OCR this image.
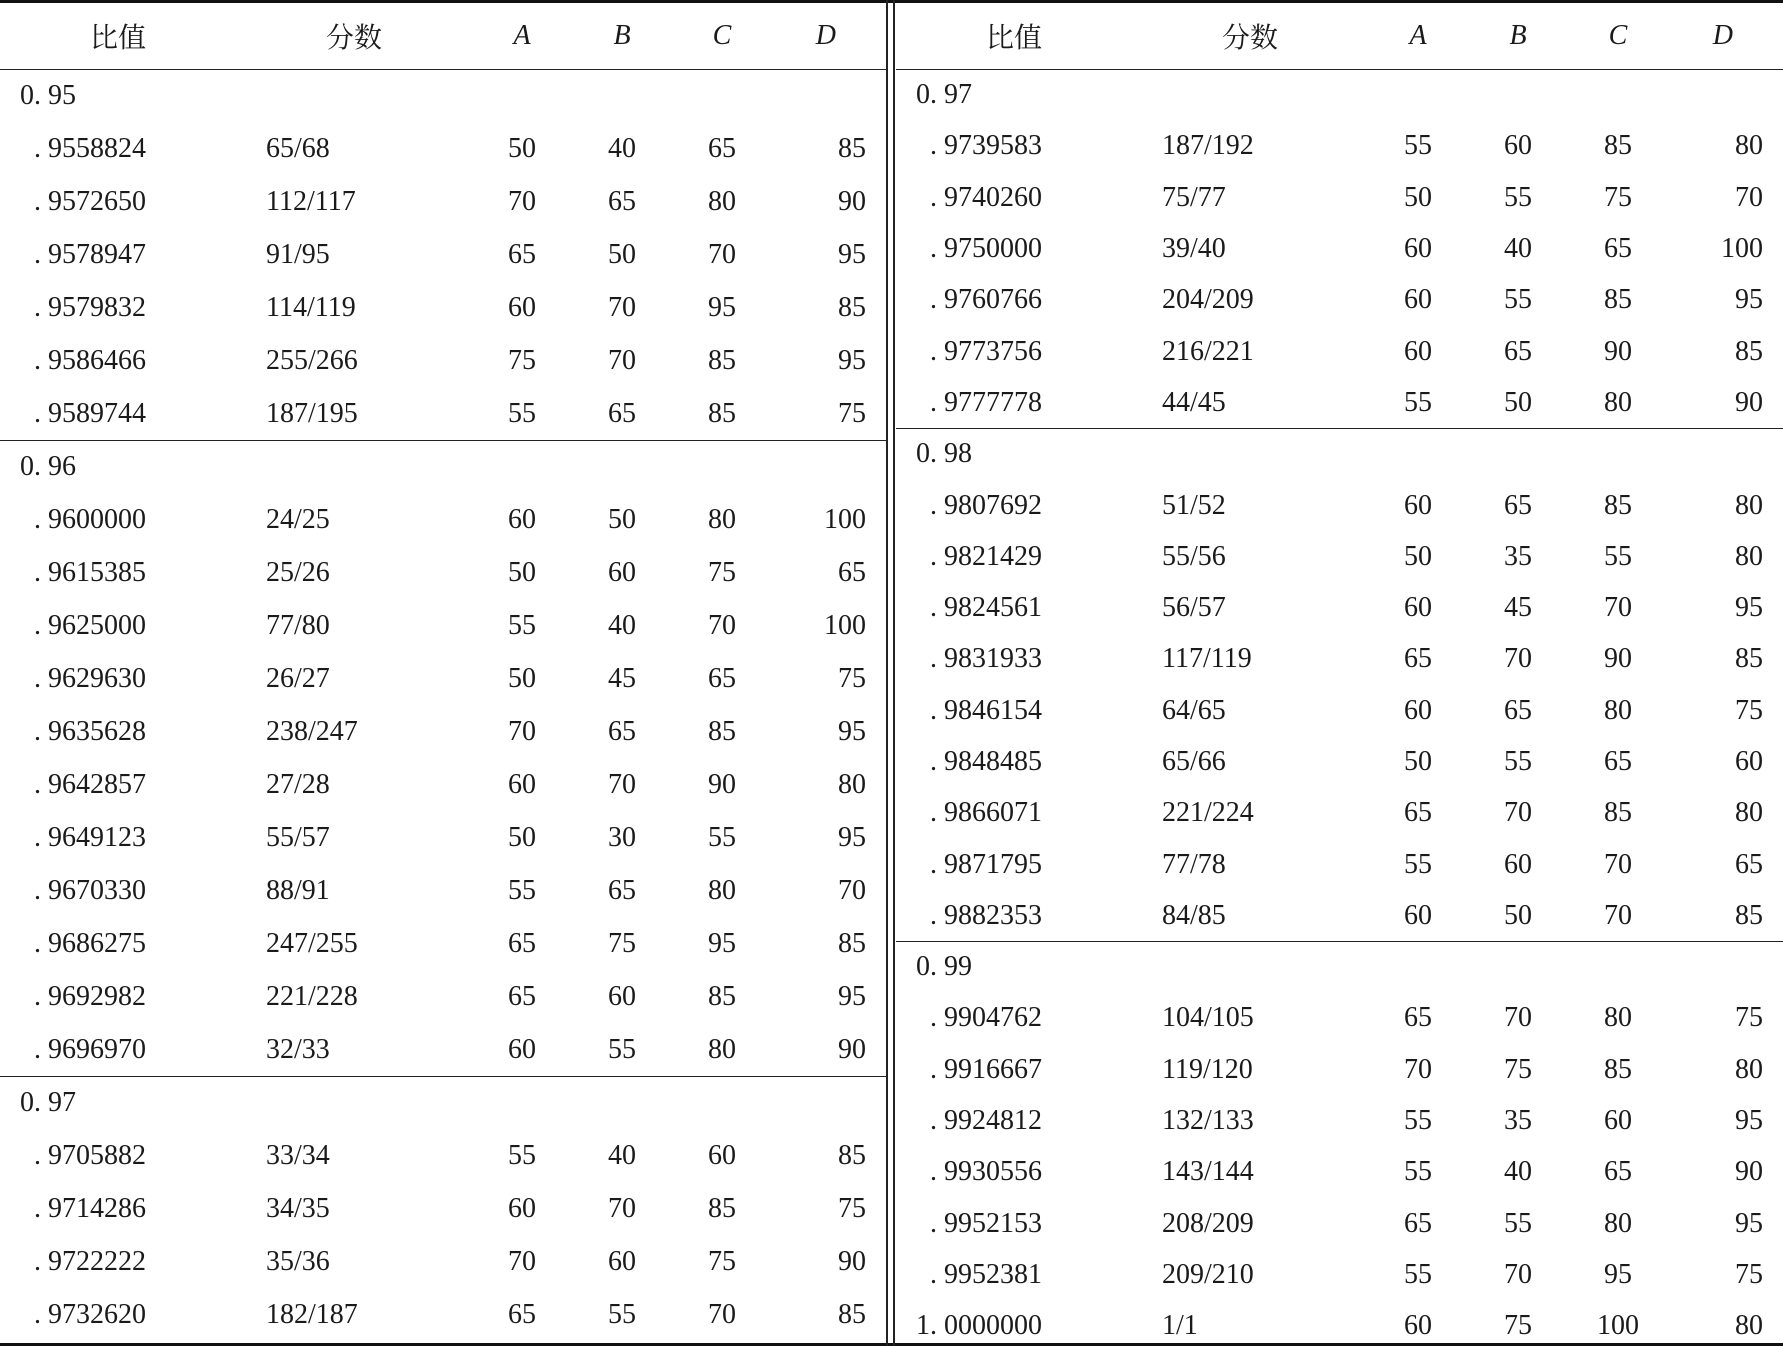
比值	分数	A	B	C	D
0. 95					
. 9558824	65/68	50	40	65	85
. 9572650	112/117	70	65	80	90
. 9578947	91/95	65	50	70	95
. 9579832	114/119	60	70	95	85
. 9586466	255/266	75	70	85	95
. 9589744	187/195	55	65	85	75
0. 96					
. 9600000	24/25	60	50	80	100
. 9615385	25/26	50	60	75	65
. 9625000	77/80	55	40	70	100
. 9629630	26/27	50	45	65	75
. 9635628	238/247	70	65	85	95
. 9642857	27/28	60	70	90	80
. 9649123	55/57	50	30	55	95
. 9670330	88/91	55	65	80	70
. 9686275	247/255	65	75	95	85
. 9692982	221/228	65	60	85	95
. 9696970	32/33	60	55	80	90
0. 97					
. 9705882	33/34	55	40	60	85
. 9714286	34/35	60	70	85	75
. 9722222	35/36	70	60	75	90
. 9732620	182/187	65	55	70	85
比值	分数	A	B	C	D
0. 97					
. 9739583	187/192	55	60	85	80
. 9740260	75/77	50	55	75	70
. 9750000	39/40	60	40	65	100
. 9760766	204/209	60	55	85	95
. 9773756	216/221	60	65	90	85
. 9777778	44/45	55	50	80	90
0. 98					
. 9807692	51/52	60	65	85	80
. 9821429	55/56	50	35	55	80
. 9824561	56/57	60	45	70	95
. 9831933	117/119	65	70	90	85
. 9846154	64/65	60	65	80	75
. 9848485	65/66	50	55	65	60
. 9866071	221/224	65	70	85	80
. 9871795	77/78	55	60	70	65
. 9882353	84/85	60	50	70	85
0. 99					
. 9904762	104/105	65	70	80	75
. 9916667	119/120	70	75	85	80
. 9924812	132/133	55	35	60	95
. 9930556	143/144	55	40	65	90
. 9952153	208/209	65	55	80	95
. 9952381	209/210	55	70	95	75
1. 0000000	1/1	60	75	100	80
